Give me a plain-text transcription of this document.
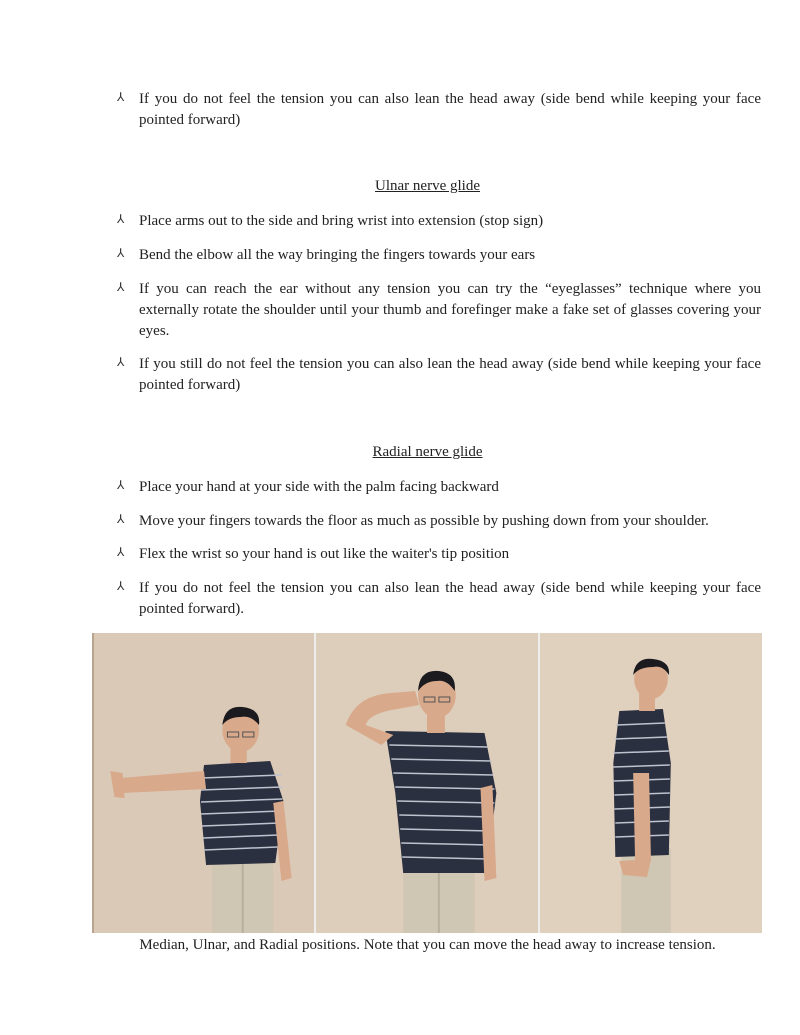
⅄ If you do not feel the tension you can also lean the head away (side bend while keeping your face pointed forward)
Ulnar nerve glide
⅄ Place arms out to the side and bring wrist into extension (stop sign)
⅄ Bend the elbow all the way bringing the fingers towards your ears
⅄ If you can reach the ear without any tension you can try the “eyeglasses” technique where you externally rotate the shoulder until your thumb and forefinger make a fake set of glasses covering your eyes.
⅄ If you still do not feel the tension you can also lean the head away (side bend while keeping your face pointed forward)
Radial nerve glide
⅄ Place your hand at your side with the palm facing backward
⅄ Move your fingers towards the floor as much as possible by pushing down from your shoulder.
⅄ Flex the wrist so your hand is out like the waiter's tip position
⅄ If you do not feel the tension you can also lean the head away (side bend while keeping your face pointed forward).
Median, Ulnar, and Radial positions. Note that you can move the head away to increase tension.
